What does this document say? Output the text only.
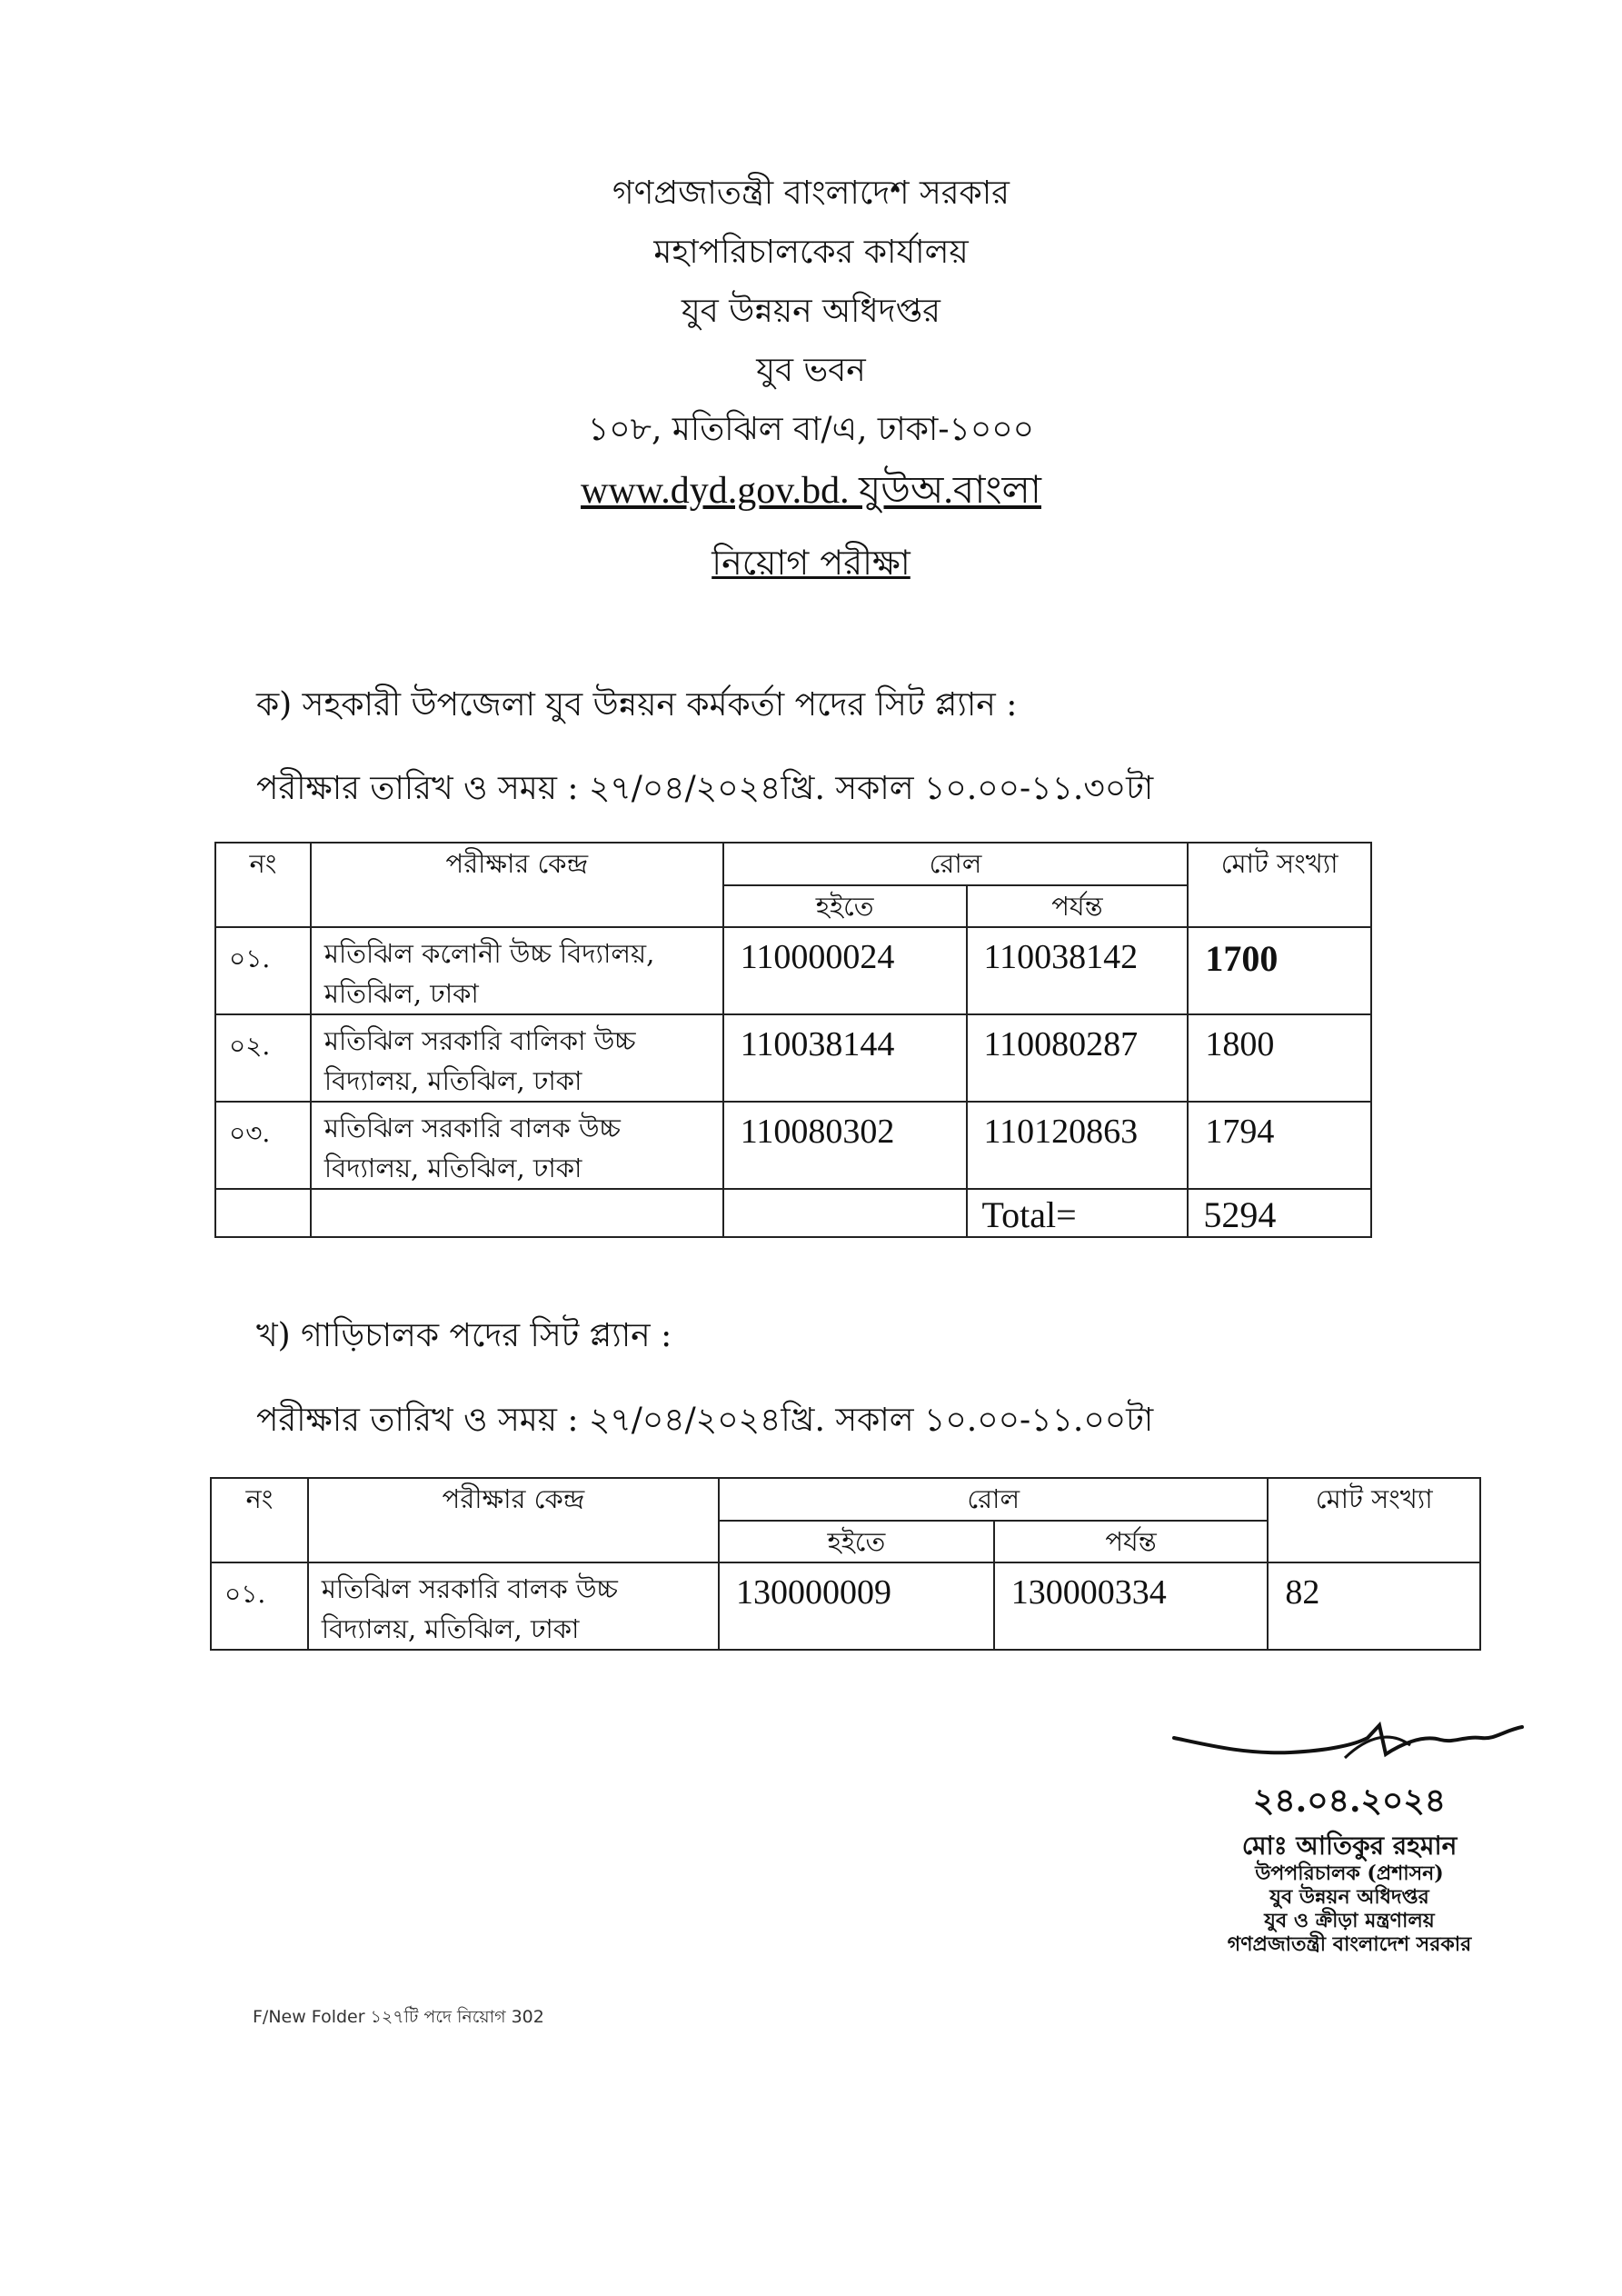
গণপ্রজাতন্ত্রী বাংলাদেশ সরকার
মহাপরিচালকের কার্যালয়
যুব উন্নয়ন অধিদপ্তর
যুব ভবন
১০৮, মতিঝিল বা/এ, ঢাকা-১০০০
www.dyd.gov.bd. যুউঅ.বাংলা
নিয়োগ পরীক্ষা
ক) সহকারী উপজেলা যুব উন্নয়ন কর্মকর্তা পদের সিট প্ল্যান :
পরীক্ষার তারিখ ও সময় : ২৭/০৪/২০২৪খ্রি. সকাল ১০.০০-১১.৩০টা
নং	পরীক্ষার কেন্দ্র	রোল		মোট সংখ্যা
		হইতে	পর্যন্ত	
০১.	মতিঝিল কলোনী উচ্চ বিদ্যালয়, মতিঝিল, ঢাকা	110000024	110038142	1700
০২.	মতিঝিল সরকারি বালিকা উচ্চ বিদ্যালয়, মতিঝিল, ঢাকা	110038144	110080287	1800
০৩.	মতিঝিল সরকারি বালক উচ্চ বিদ্যালয়, মতিঝিল, ঢাকা	110080302	110120863	1794
			Total=	5294
খ) গাড়িচালক পদের সিট প্ল্যান :
পরীক্ষার তারিখ ও সময় : ২৭/০৪/২০২৪খ্রি. সকাল ১০.০০-১১.০০টা
নং	পরীক্ষার কেন্দ্র	রোল		মোট সংখ্যা
		হইতে	পর্যন্ত	
০১.	মতিঝিল সরকারি বালক উচ্চ বিদ্যালয়, মতিঝিল, ঢাকা	130000009	130000334	82
২৪.০৪.২০২৪
মোঃ আতিকুর রহমান
উপপরিচালক (প্রশাসন)
যুব উন্নয়ন অধিদপ্তর
যুব ও ক্রীড়া মন্ত্রণালয়
গণপ্রজাতন্ত্রী বাংলাদেশ সরকার
F/New Folder ১২৭টি পদে নিয়োগ 302
